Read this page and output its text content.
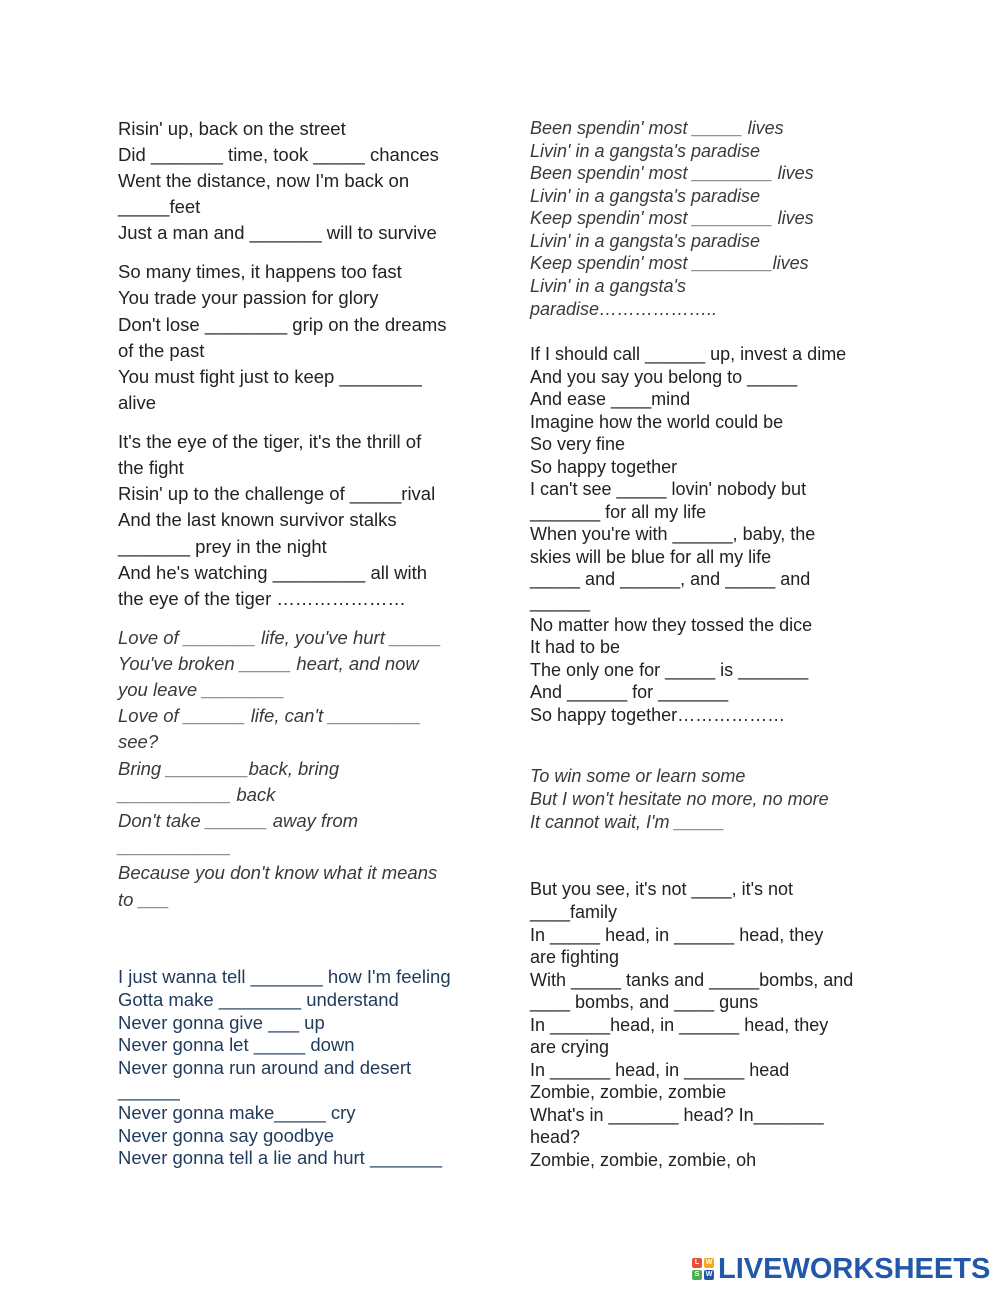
Risin' up, back on the street
Did _______ time, took _____ chances
Went the distance, now I'm back on
_____feet
Just a man and _______ will to survive
So many times, it happens too fast
You trade your passion for glory
Don't lose ________ grip on the dreams
of the past
You must fight just to keep ________
alive
It's the eye of the tiger, it's the thrill of
the fight
Risin' up to the challenge of _____rival
And the last known survivor stalks
_______ prey in the night
And he's watching _________ all with
the eye of the tiger …………………
Love of _______ life, you've hurt _____
You've broken _____ heart, and now
you leave ________
Love of ______ life, can't _________
see?
Bring ________back, bring
___________ back
Don't take ______ away from
___________
Because you don't know what it means
to ___
I just wanna tell _______ how I'm feeling
Gotta make ________ understand
Never gonna give ___ up
Never gonna let _____ down
Never gonna run around and desert
______
Never gonna make_____ cry
Never gonna say goodbye
Never gonna tell a lie and hurt _______
Been spendin' most _____ lives
Livin' in a gangsta's paradise
Been spendin' most ________ lives
Livin' in a gangsta's paradise
Keep spendin' most ________ lives
Livin' in a gangsta's paradise
Keep spendin' most ________lives
Livin' in a gangsta's
paradise………………..
If I should call ______ up, invest a dime
And you say you belong to _____
And ease ____mind
Imagine how the world could be
So very fine
So happy together
I can't see _____ lovin' nobody but
_______ for all my life
When you're with ______, baby, the
skies will be blue for all my life
_____ and ______, and _____ and
______
No matter how they tossed the dice
It had to be
The only one for _____ is _______
And ______ for _______
So happy together………………
To win some or learn some
But I won't hesitate no more, no more
It cannot wait, I'm _____
But you see, it's not ____, it's not
____family
In _____ head, in ______ head, they
are fighting
With _____ tanks and _____bombs, and
____ bombs, and ____ guns
In ______head, in ______ head, they
are crying
In ______ head, in ______ head
Zombie, zombie, zombie
What's in _______ head? In_______
head?
Zombie, zombie, zombie, oh
L W
S W LIVEWORKSHEETS
